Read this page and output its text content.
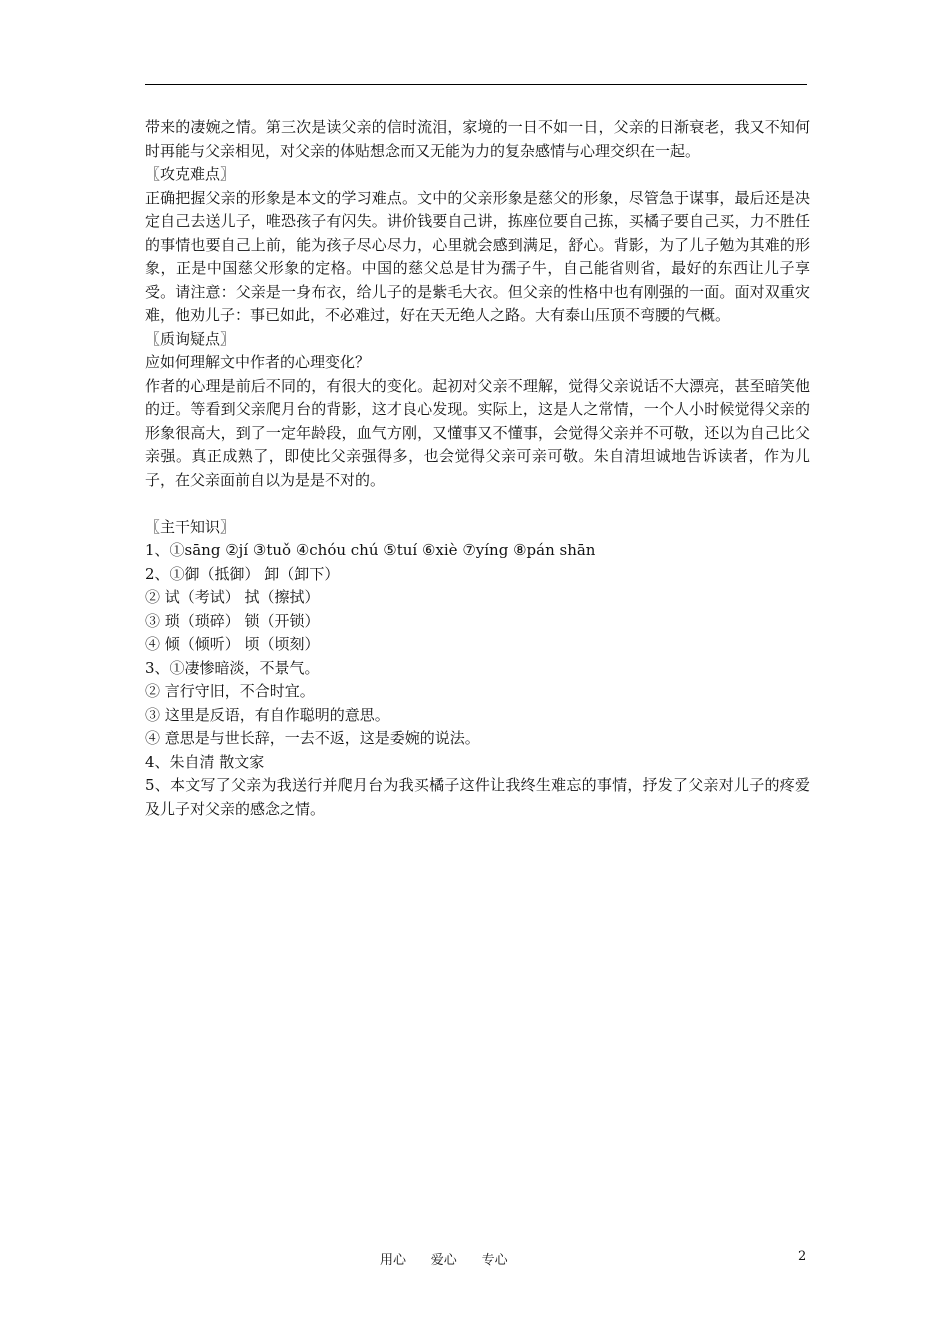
带来的凄婉之情。第三次是读父亲的信时流泪，家境的一日不如一日，父亲的日渐衰老，我又不知何时再能与父亲相见，对父亲的体贴想念而又无能为力的复杂感情与心理交织在一起。

〖攻克难点〗

正确把握父亲的形象是本文的学习难点。文中的父亲形象是慈父的形象，尽管急于谋事，最后还是决定自己去送儿子，唯恐孩子有闪失。讲价钱要自己讲，拣座位要自己拣，买橘子要自己买，力不胜任的事情也要自己上前，能为孩子尽心尽力，心里就会感到满足，舒心。背影，为了儿子勉为其难的形象，正是中国慈父形象的定格。中国的慈父总是甘为孺子牛，自己能省则省，最好的东西让儿子享受。请注意：父亲是一身布衣，给儿子的是紫毛大衣。但父亲的性格中也有刚强的一面。面对双重灾难，他劝儿子：事已如此，不必难过，好在天无绝人之路。大有泰山压顶不弯腰的气概。

〖质询疑点〗

应如何理解文中作者的心理变化？

作者的心理是前后不同的，有很大的变化。起初对父亲不理解，觉得父亲说话不大漂亮，甚至暗笑他的迂。等看到父亲爬月台的背影，这才良心发现。实际上，这是人之常情，一个人小时候觉得父亲的形象很高大，到了一定年龄段，血气方刚，又懂事又不懂事，会觉得父亲并不可敬，还以为自己比父亲强。真正成熟了，即使比父亲强得多，也会觉得父亲可亲可敬。朱自清坦诚地告诉读者，作为儿子，在父亲面前自以为是是不对的。

〖主干知识〗

1、①sāng ②jí ③tuǒ ④chóu chú ⑤tuí ⑥xiè ⑦yíng ⑧pán shān

2、①御（抵御） 卸（卸下）

② 试（考试） 拭（擦拭）

③ 琐（琐碎） 锁（开锁）

④ 倾（倾听） 顷（顷刻）

3、①凄惨暗淡，不景气。

② 言行守旧，不合时宜。

③ 这里是反语，有自作聪明的意思。

④ 意思是与世长辞，一去不返，这是委婉的说法。

4、朱自清 散文家

5、本文写了父亲为我送行并爬月台为我买橘子这件让我终生难忘的事情，抒发了父亲对儿子的疼爱及儿子对父亲的感念之情。

用心      爱心      专心	2
